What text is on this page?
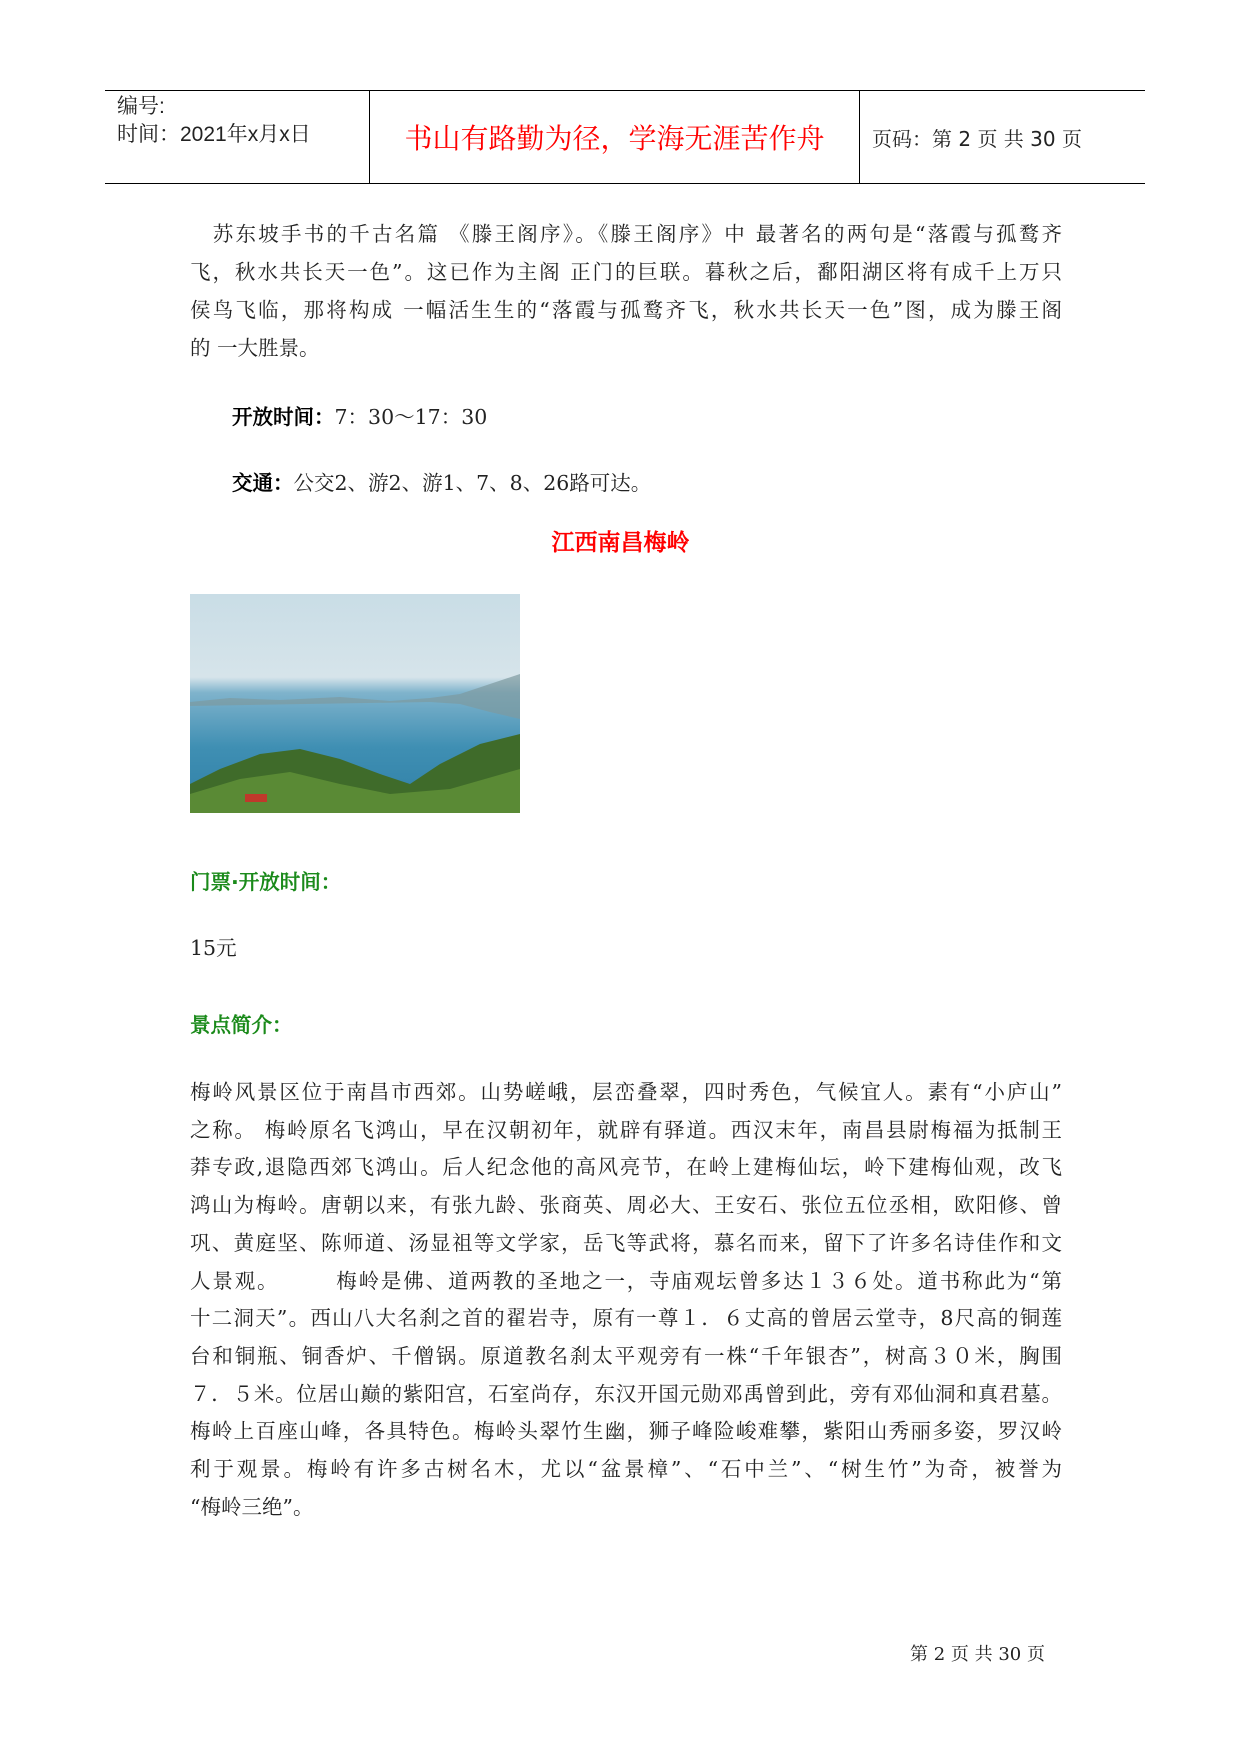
编号:
时间：2021年x月x日	书山有路勤为径，学海无涯苦作舟	页码：第 2 页 共 30 页
　苏东坡手书的千古名篇 《滕王阁序》。《滕王阁序》中 最著名的两句是“落霞与孤鹜齐
飞，秋水共长天一色”。这已作为主阁 正门的巨联。暮秋之后，鄱阳湖区将有成千上万只
侯鸟飞临，那将构成 一幅活生生的“落霞与孤鹜齐飞，秋水共长天一色”图，成为滕王阁
的 一大胜景。
开放时间：7：30～17：30
交通：公交2、游2、游1、7、8、26路可达。
江西南昌梅岭
门票·开放时间：
15元
景点简介：
梅岭风景区位于南昌市西郊。山势嵯峨，层峦叠翠，四时秀色，气候宜人。素有“小庐山”
之称。 梅岭原名飞鸿山，早在汉朝初年，就辟有驿道。西汉末年，南昌县尉梅福为抵制王
莽专政,退隐西郊飞鸿山。后人纪念他的高风亮节，在岭上建梅仙坛，岭下建梅仙观，改飞
鸿山为梅岭。唐朝以来，有张九龄、张商英、周必大、王安石、张位五位丞相，欧阳修、曾
巩、黄庭坚、陈师道、汤显祖等文学家，岳飞等武将，慕名而来，留下了许多名诗佳作和文
人景观。　　　梅岭是佛、道两教的圣地之一，寺庙观坛曾多达１３６处。道书称此为“第
十二洞天”。西山八大名刹之首的翟岩寺，原有一尊１．６丈高的曾居云堂寺，8尺高的铜莲
台和铜瓶、铜香炉、千僧锅。原道教名刹太平观旁有一株“千年银杏”，树高３０米，胸围
７．５米。位居山巅的紫阳宫，石室尚存，东汉开国元勋邓禹曾到此，旁有邓仙洞和真君墓。
梅岭上百座山峰，各具特色。梅岭头翠竹生幽，狮子峰险峻难攀，紫阳山秀丽多姿，罗汉岭
利于观景。梅岭有许多古树名木，尤以“盆景樟”、“石中兰”、“树生竹”为奇，被誉为
“梅岭三绝”。
第 2 页 共 30 页
